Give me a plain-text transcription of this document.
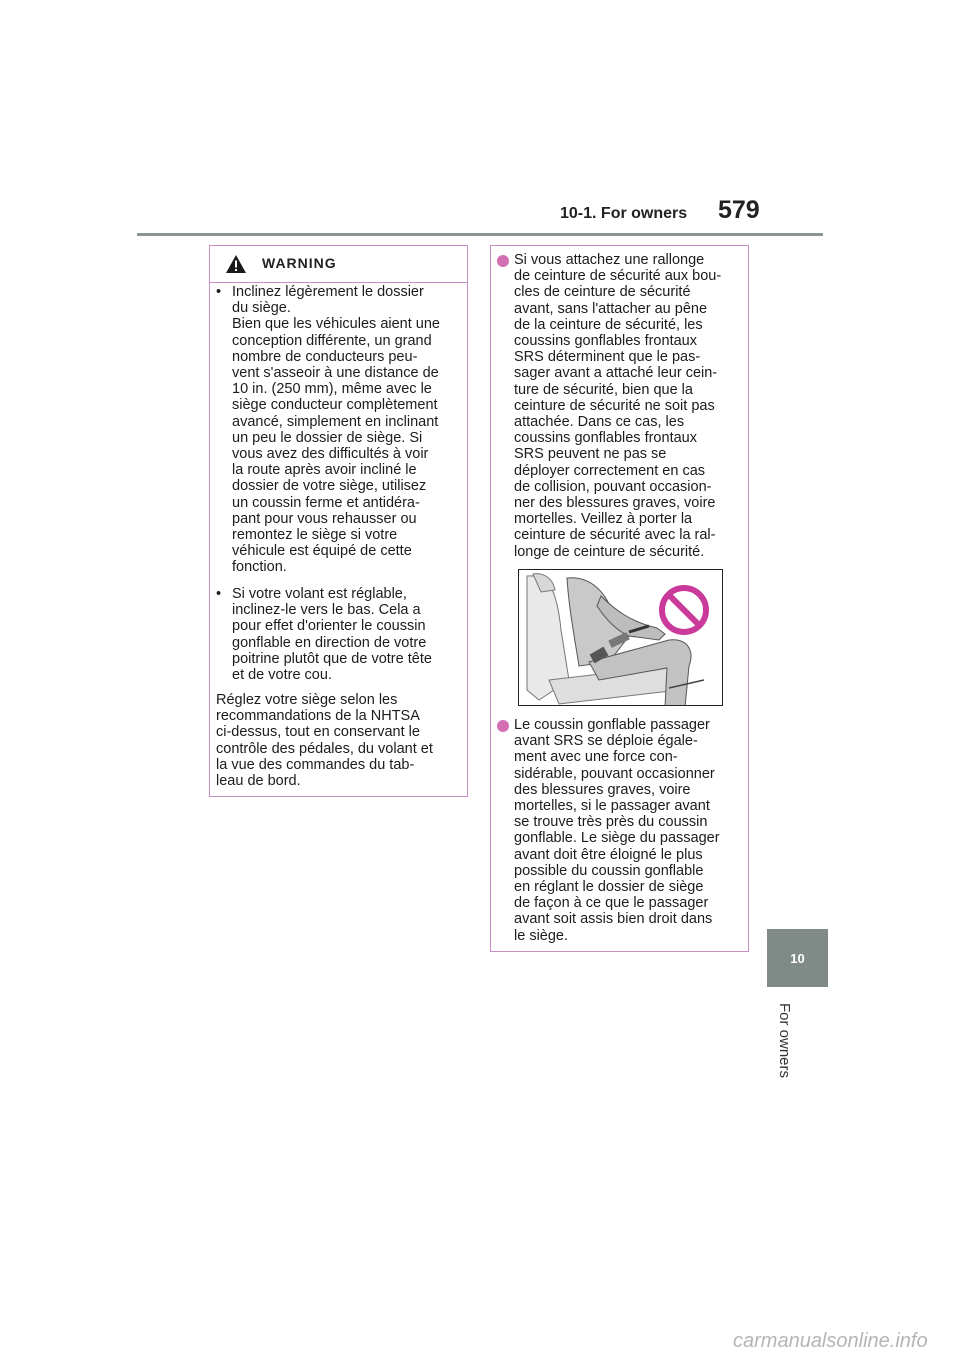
10-1. For owners 579
WARNING
• Inclinez légèrement le dossier
du siège.
Bien que les véhicules aient une
conception différente, un grand
nombre de conducteurs peu-
vent s'asseoir à une distance de
10 in. (250 mm), même avec le
siège conducteur complètement
avancé, simplement en inclinant
un peu le dossier de siège. Si
vous avez des difficultés à voir
la route après avoir incliné le
dossier de votre siège, utilisez
un coussin ferme et antidéra-
pant pour vous rehausser ou
remontez le siège si votre
véhicule est équipé de cette
fonction.
• Si votre volant est réglable,
inclinez-le vers le bas. Cela a
pour effet d'orienter le coussin
gonflable en direction de votre
poitrine plutôt que de votre tête
et de votre cou.
Réglez votre siège selon les
recommandations de la NHTSA
ci-dessus, tout en conservant le
contrôle des pédales, du volant et
la vue des commandes du tab-
leau de bord.
Si vous attachez une rallonge
de ceinture de sécurité aux bou-
cles de ceinture de sécurité
avant, sans l'attacher au pêne
de la ceinture de sécurité, les
coussins gonflables frontaux
SRS déterminent que le pas-
sager avant a attaché leur cein-
ture de sécurité, bien que la
ceinture de sécurité ne soit pas
attachée. Dans ce cas, les
coussins gonflables frontaux
SRS peuvent ne pas se
déployer correctement en cas
de collision, pouvant occasion-
ner des blessures graves, voire
mortelles. Veillez à porter la
ceinture de sécurité avec la ral-
longe de ceinture de sécurité.
Le coussin gonflable passager
avant SRS se déploie égale-
ment avec une force con-
sidérable, pouvant occasionner
des blessures graves, voire
mortelles, si le passager avant
se trouve très près du coussin
gonflable. Le siège du passager
avant doit être éloigné le plus
possible du coussin gonflable
en réglant le dossier de siège
de façon à ce que le passager
avant soit assis bien droit dans
le siège.
10
For owners
carmanualsonline.info
